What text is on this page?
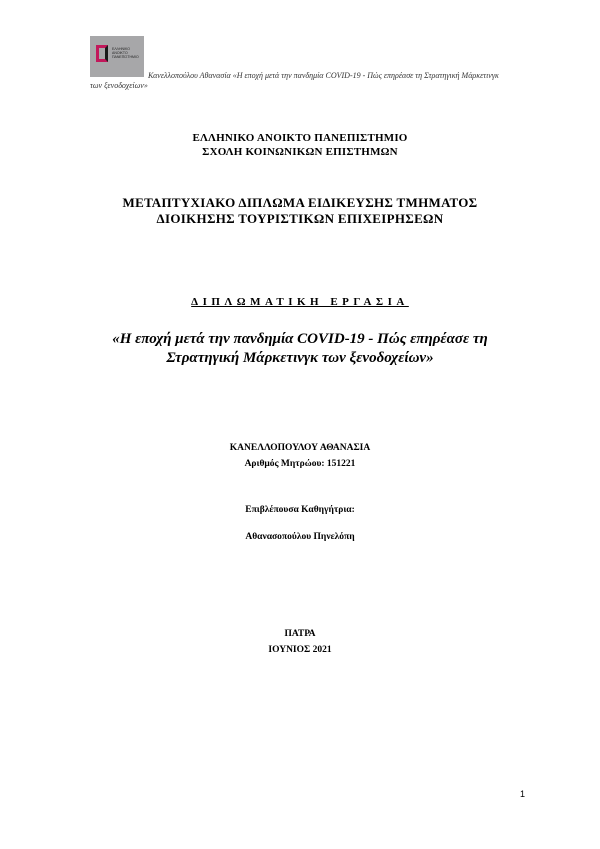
ΕΛΛΗΝΙΚΟ
ΑΝΟΙΚΤΟ
ΠΑΝΕΠΙΣΤΗΜΙΟ
Κανελλοπούλου Αθανασία «Η εποχή μετά την πανδημία COVID-19 - Πώς επηρέασε τη Στρατηγική Μάρκετινγκ των ξενοδοχείων»
ΕΛΛΗΝΙΚΟ ΑΝΟΙΚΤΟ ΠΑΝΕΠΙΣΤΗΜΙΟ
ΣΧΟΛΗ ΚΟΙΝΩΝΙΚΩΝ ΕΠΙΣΤΗΜΩΝ
ΜΕΤΑΠΤΥΧΙΑΚΟ ΔΙΠΛΩΜΑ ΕΙΔΙΚΕΥΣΗΣ ΤΜΗΜΑΤΟΣ
ΔΙΟΙΚΗΣΗΣ ΤΟΥΡΙΣΤΙΚΩΝ ΕΠΙΧΕΙΡΗΣΕΩΝ
ΔΙΠΛΩΜΑΤΙΚΗ ΕΡΓΑΣΙΑ
«Η εποχή μετά την πανδημία COVID-19 - Πώς επηρέασε τη
Στρατηγική Μάρκετινγκ των ξενοδοχείων»
ΚΑΝΕΛΛΟΠΟΥΛΟΥ ΑΘΑΝΑΣΙΑ
Αριθμός Μητρώου: 151221
Επιβλέπουσα Καθηγήτρια:
Αθανασοπούλου Πηνελόπη
ΠΑΤΡΑ
ΙΟΥΝΙΟΣ 2021
1
